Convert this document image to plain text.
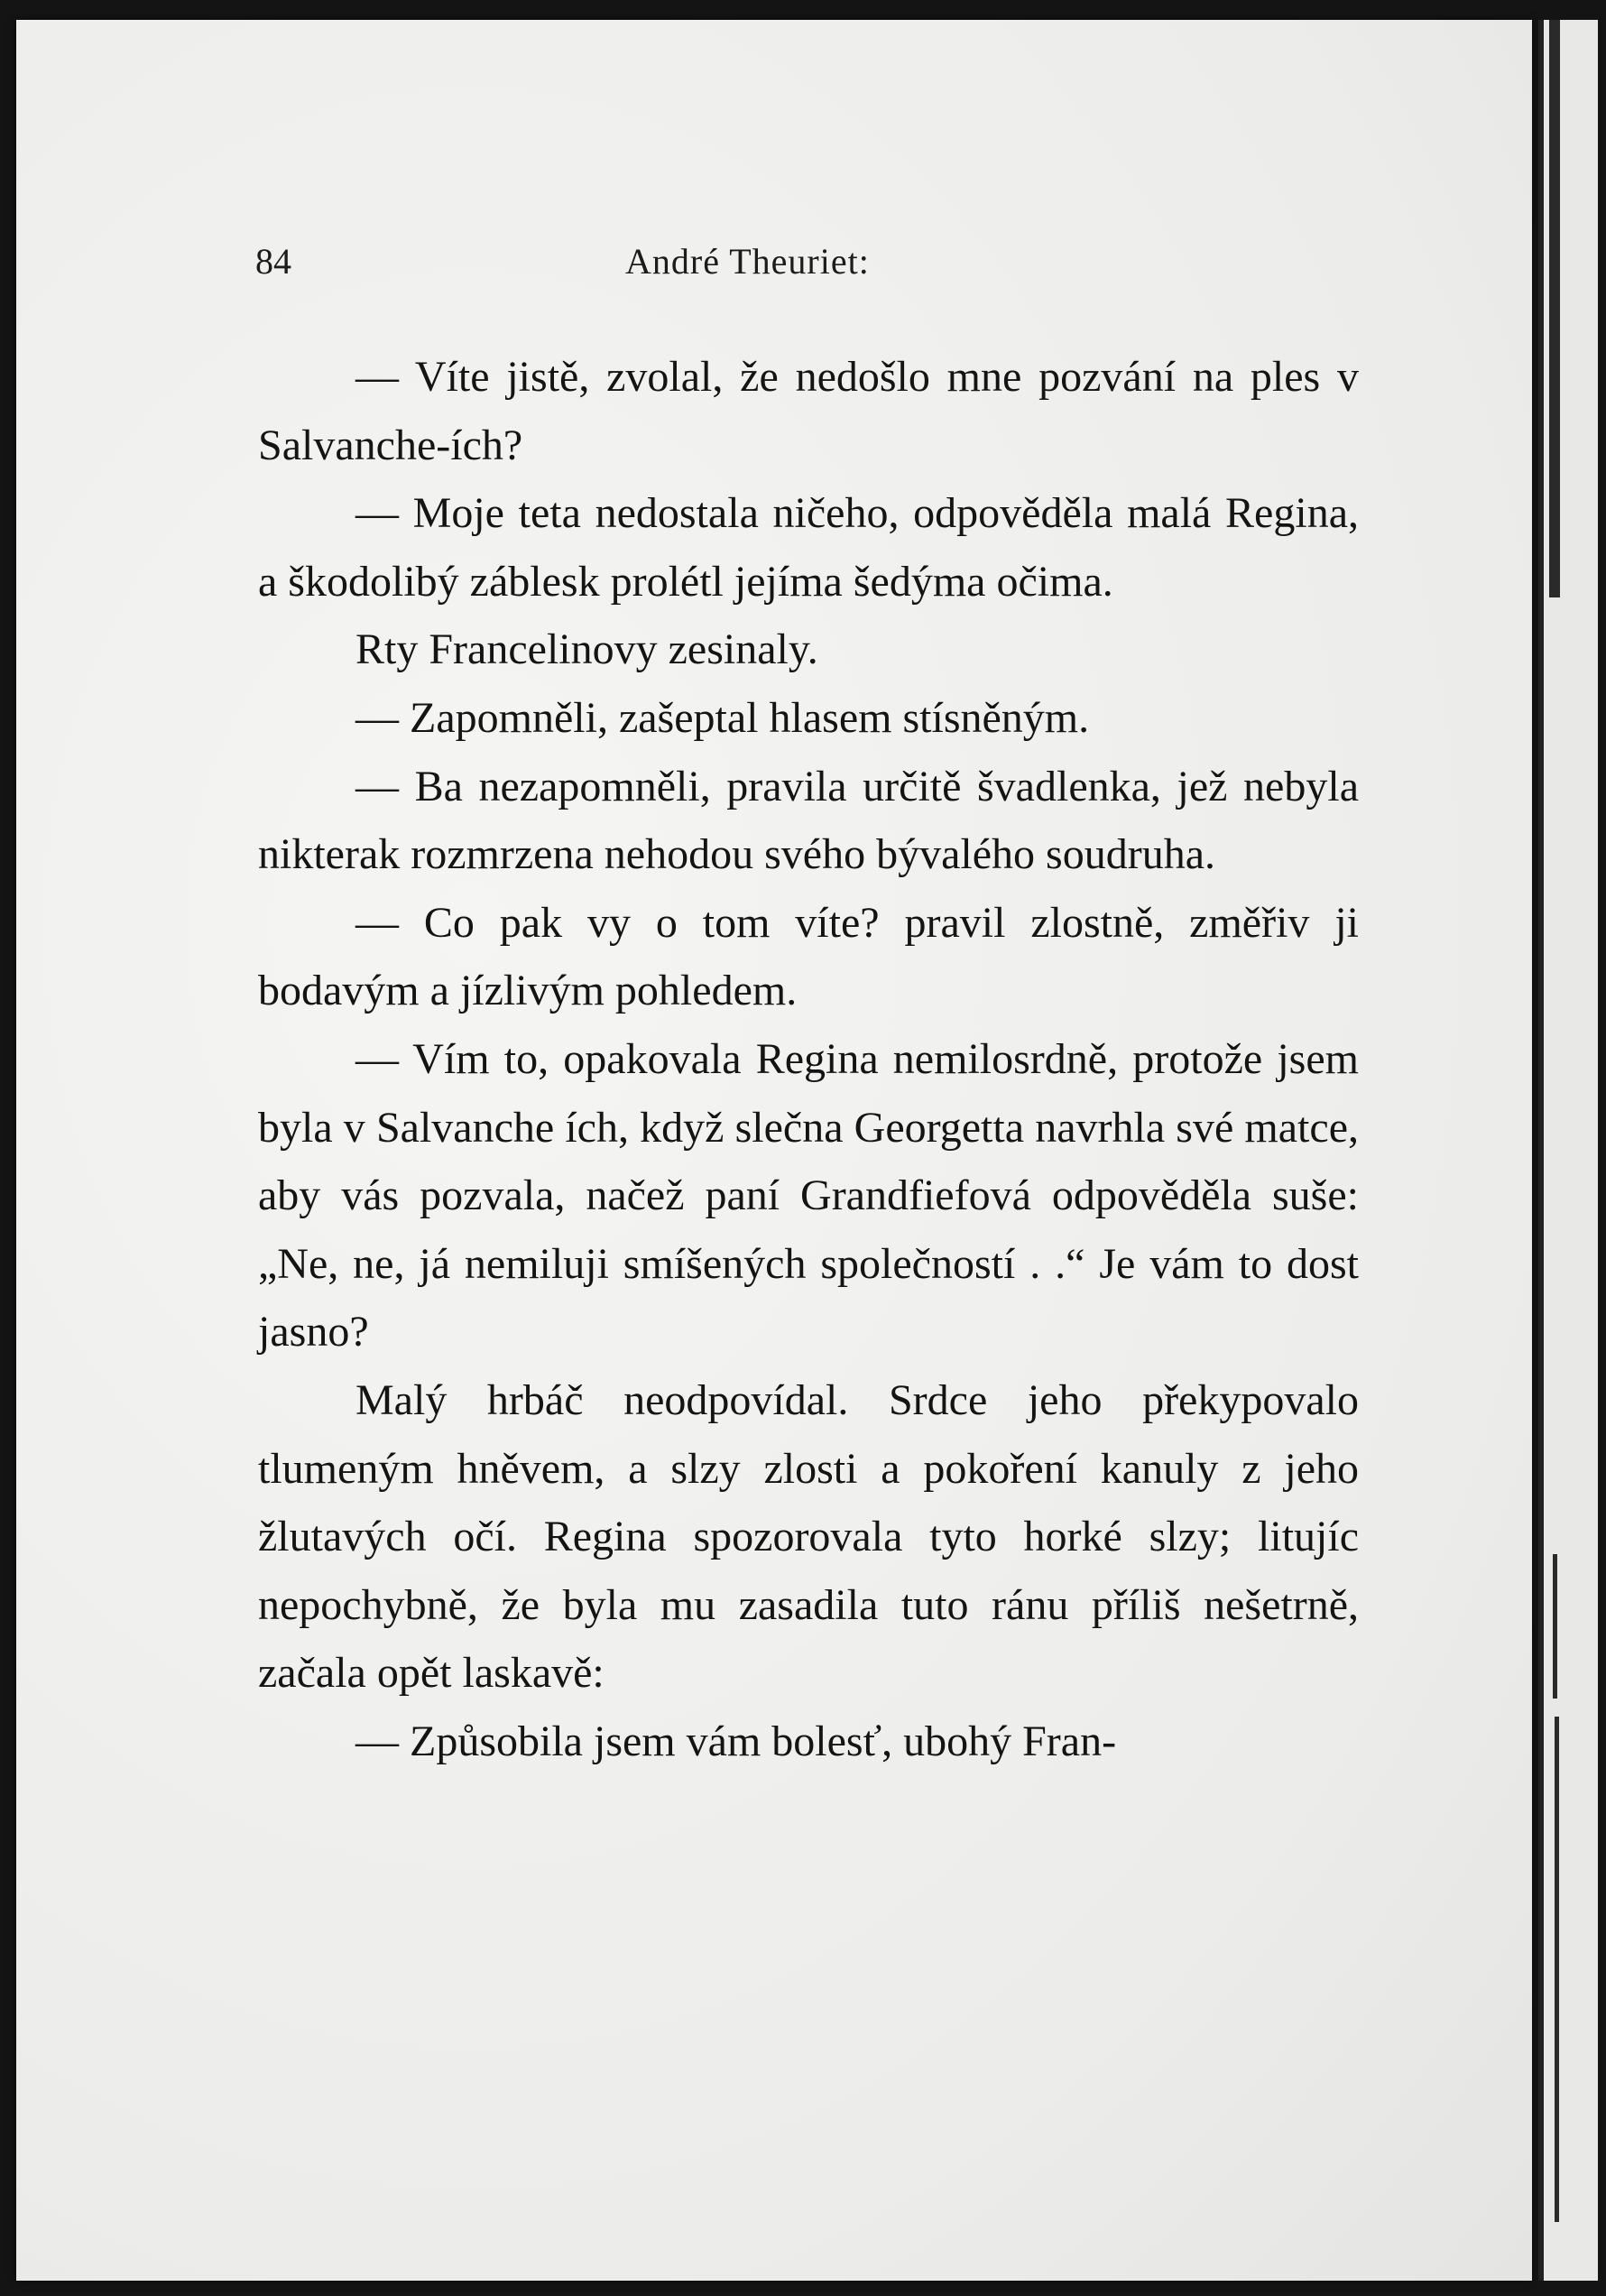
84	André Theuriet:

— Víte jistě, zvolal, že nedošlo mne pozvání na ples v Salvanche-ích?

— Moje teta nedostala ničeho, odpověděla malá Regina, a škodolibý záblesk prolétl jejíma šedýma očima.

Rty Francelinovy zesinaly.

— Zapomněli, zašeptal hlasem stísněným.

— Ba nezapomněli, pravila určitě švadlenka, jež nebyla nikterak rozmrzena nehodou svého bývalého soudruha.

— Co pak vy o tom víte? pravil zlostně, změřiv ji bodavým a jízlivým pohledem.

— Vím to, opakovala Regina nemilosrdně, protože jsem byla v Salvanche ích, když slečna Georgetta navrhla své matce, aby vás pozvala, načež paní Grandfiefová odpověděla suše: „Ne, ne, já nemiluji smíšených společností . .“ Je vám to dost jasno?

Malý hrbáč neodpovídal. Srdce jeho překypovalo tlumeným hněvem, a slzy zlosti a pokoření kanuly z jeho žlutavých očí. Regina spozorovala tyto horké slzy; litujíc nepochybně, že byla mu zasadila tuto ránu příliš nešetrně, začala opět laskavě:

— Způsobila jsem vám bolesť, ubohý Fran-
